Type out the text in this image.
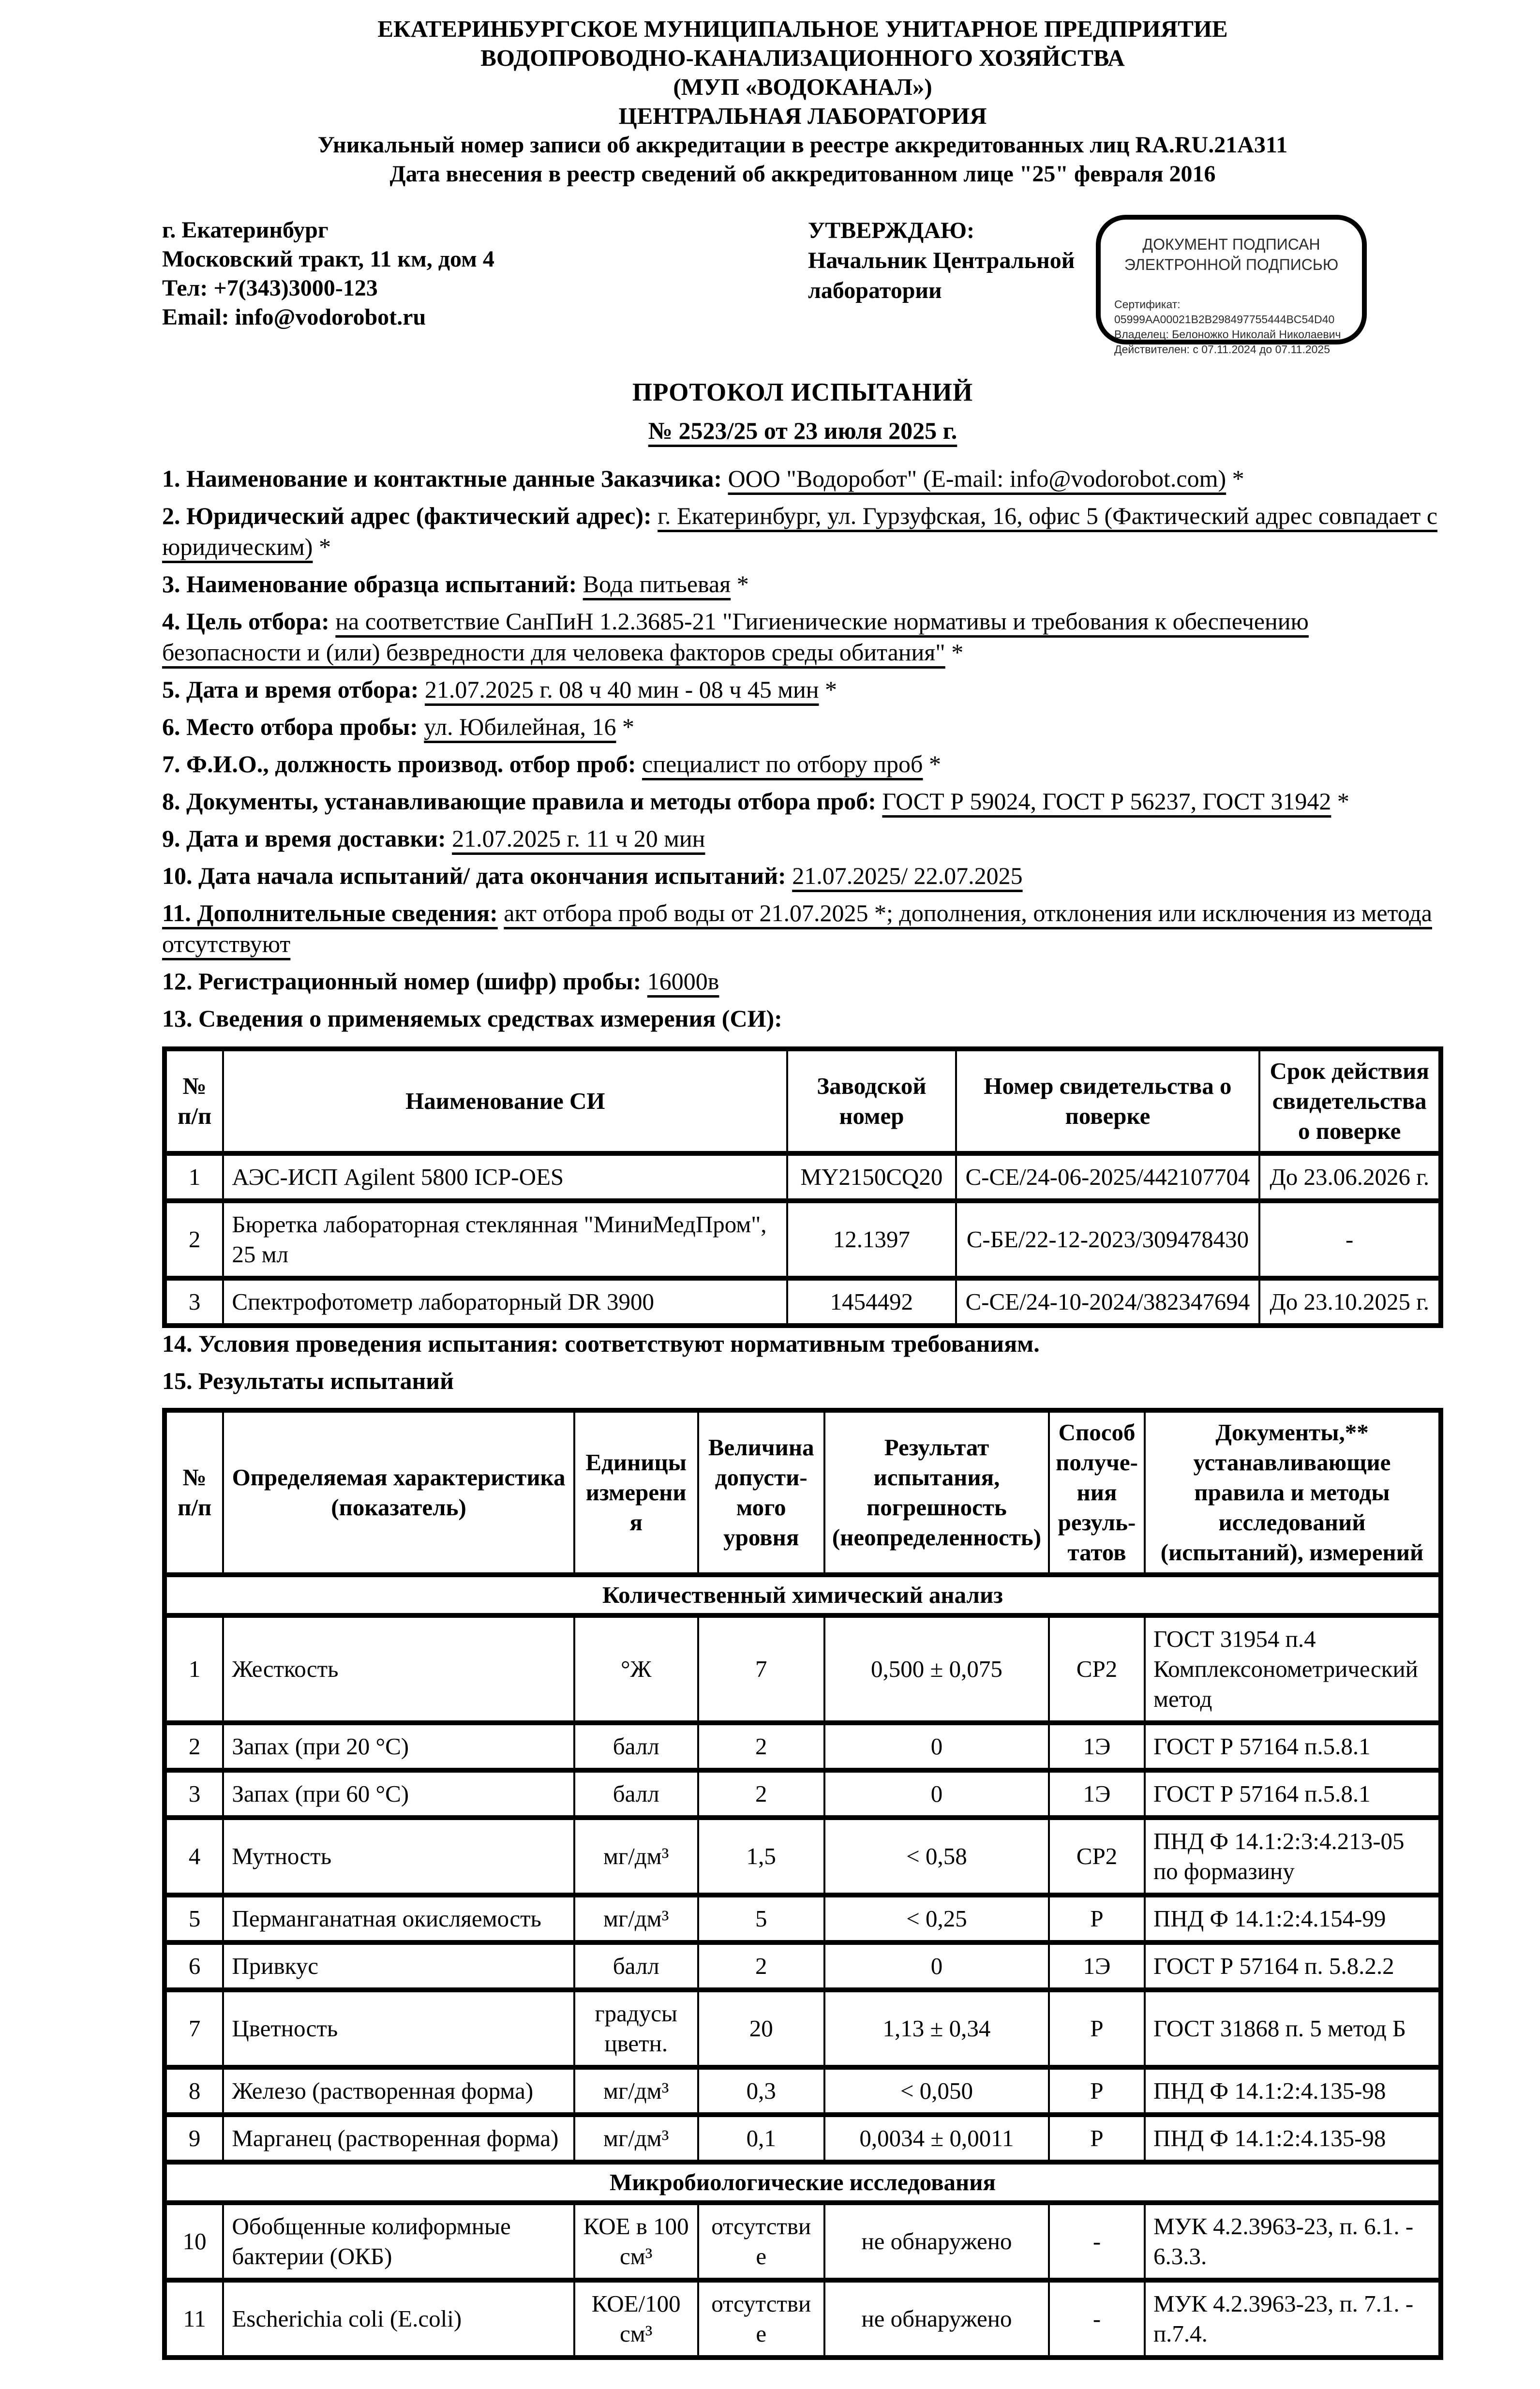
ЕКАТЕРИНБУРГСКОЕ МУНИЦИПАЛЬНОЕ УНИТАРНОЕ ПРЕДПРИЯТИЕ
ВОДОПРОВОДНО-КАНАЛИЗАЦИОННОГО ХОЗЯЙСТВА
(МУП «ВОДОКАНАЛ»)
ЦЕНТРАЛЬНАЯ ЛАБОРАТОРИЯ
Уникальный номер записи об аккредитации в реестре аккредитованных лиц RA.RU.21А311
Дата внесения в реестр сведений об аккредитованном лице "25" февраля 2016
г. Екатеринбург
Московский тракт, 11 км, дом 4
Тел: +7(343)3000-123
Email: info@vodorobot.ru
УТВЕРЖДАЮ:
Начальник Центральной
лаборатории
ДОКУМЕНТ ПОДПИСАН
ЭЛЕКТРОННОЙ ПОДПИСЬЮ
Сертификат: 05999AA00021B2B298497755444BC54D40
Владелец: Белоножко Николай Николаевич
Действителен: с 07.11.2024 до 07.11.2025
ПРОТОКОЛ ИСПЫТАНИЙ
№ 2523/25 от 23 июля 2025 г.

1. Наименование и контактные данные Заказчика: ООО "Водоробот" (E-mail: info@vodorobot.com) *

2. Юридический адрес (фактический адрес): г. Екатеринбург, ул. Гурзуфская, 16, офис 5 (Фактический адрес совпадает с юридическим) *

3. Наименование образца испытаний: Вода питьевая *

4. Цель отбора: на соответствие СанПиН 1.2.3685-21 "Гигиенические нормативы и требования к обеспечению безопасности и (или) безвредности для человека факторов среды обитания" *

5. Дата и время отбора: 21.07.2025 г. 08 ч 40 мин - 08 ч 45 мин *

6. Место отбора пробы: ул. Юбилейная, 16 *

7. Ф.И.О., должность производ. отбор проб: специалист по отбору проб *

8. Документы, устанавливающие правила и методы отбора проб: ГОСТ Р 59024, ГОСТ Р 56237, ГОСТ 31942 *

9. Дата и время доставки: 21.07.2025 г. 11 ч 20 мин

10. Дата начала испытаний/ дата окончания испытаний: 21.07.2025/ 22.07.2025

11. Дополнительные сведения: акт отбора проб воды от 21.07.2025 *; дополнения, отклонения или исключения из метода отсутствуют

12. Регистрационный номер (шифр) пробы: 16000в

13. Сведения о применяемых средствах измерения (СИ):

№ п/п	Наименование СИ	Заводской номер	Номер свидетельства о поверке	Срок действия свидетельства о поверке
1	АЭС-ИСП Agilent 5800 ICP-OES	MY2150CQ20	С-СЕ/24-06-2025/442107704	До 23.06.2026 г.
2	Бюретка лабораторная стеклянная "МиниМедПром", 25 мл	12.1397	С-БЕ/22-12-2023/309478430	-
3	Спектрофотометр лабораторный DR 3900	1454492	С-СЕ/24-10-2024/382347694	До 23.10.2025 г.

14. Условия проведения испытания: соответствуют нормативным требованиям.

15. Результаты испытаний

№ п/п	Определяемая характеристика (показатель)	Единицы измерения	Величина допусти-мого уровня	Результат испытания, погрешность (неопределенность)	Способ получе-ния резуль-татов	Документы,** устанавливающие правила и методы исследований (испытаний), измерений
Количественный химический анализ						
1	Жесткость	°Ж	7	0,500 ± 0,075	СР2	ГОСТ 31954 п.4 Комплексонометрический метод
2	Запах (при 20 °С)	балл	2	0	1Э	ГОСТ Р 57164 п.5.8.1
3	Запах (при 60 °С)	балл	2	0	1Э	ГОСТ Р 57164 п.5.8.1
4	Мутность	мг/дм³	1,5	< 0,58	СР2	ПНД Ф 14.1:2:3:4.213-05 по формазину
5	Перманганатная окисляемость	мг/дм³	5	< 0,25	Р	ПНД Ф 14.1:2:4.154-99
6	Привкус	балл	2	0	1Э	ГОСТ Р 57164 п. 5.8.2.2
7	Цветность	градусы цветн.	20	1,13 ± 0,34	Р	ГОСТ 31868 п. 5 метод Б
8	Железо (растворенная форма)	мг/дм³	0,3	< 0,050	Р	ПНД Ф 14.1:2:4.135-98
9	Марганец (растворенная форма)	мг/дм³	0,1	0,0034 ± 0,0011	Р	ПНД Ф 14.1:2:4.135-98
Микробиологические исследования						
10	Обобщенные колиформные бактерии (ОКБ)	КОЕ в 100 см³	отсутствие	не обнаружено	-	МУК 4.2.3963-23, п. 6.1. - 6.3.3.
11	Escherichia coli (E.coli)	КОЕ/100 см³	отсутствие	не обнаружено	-	МУК 4.2.3963-23, п. 7.1. - п.7.4.
